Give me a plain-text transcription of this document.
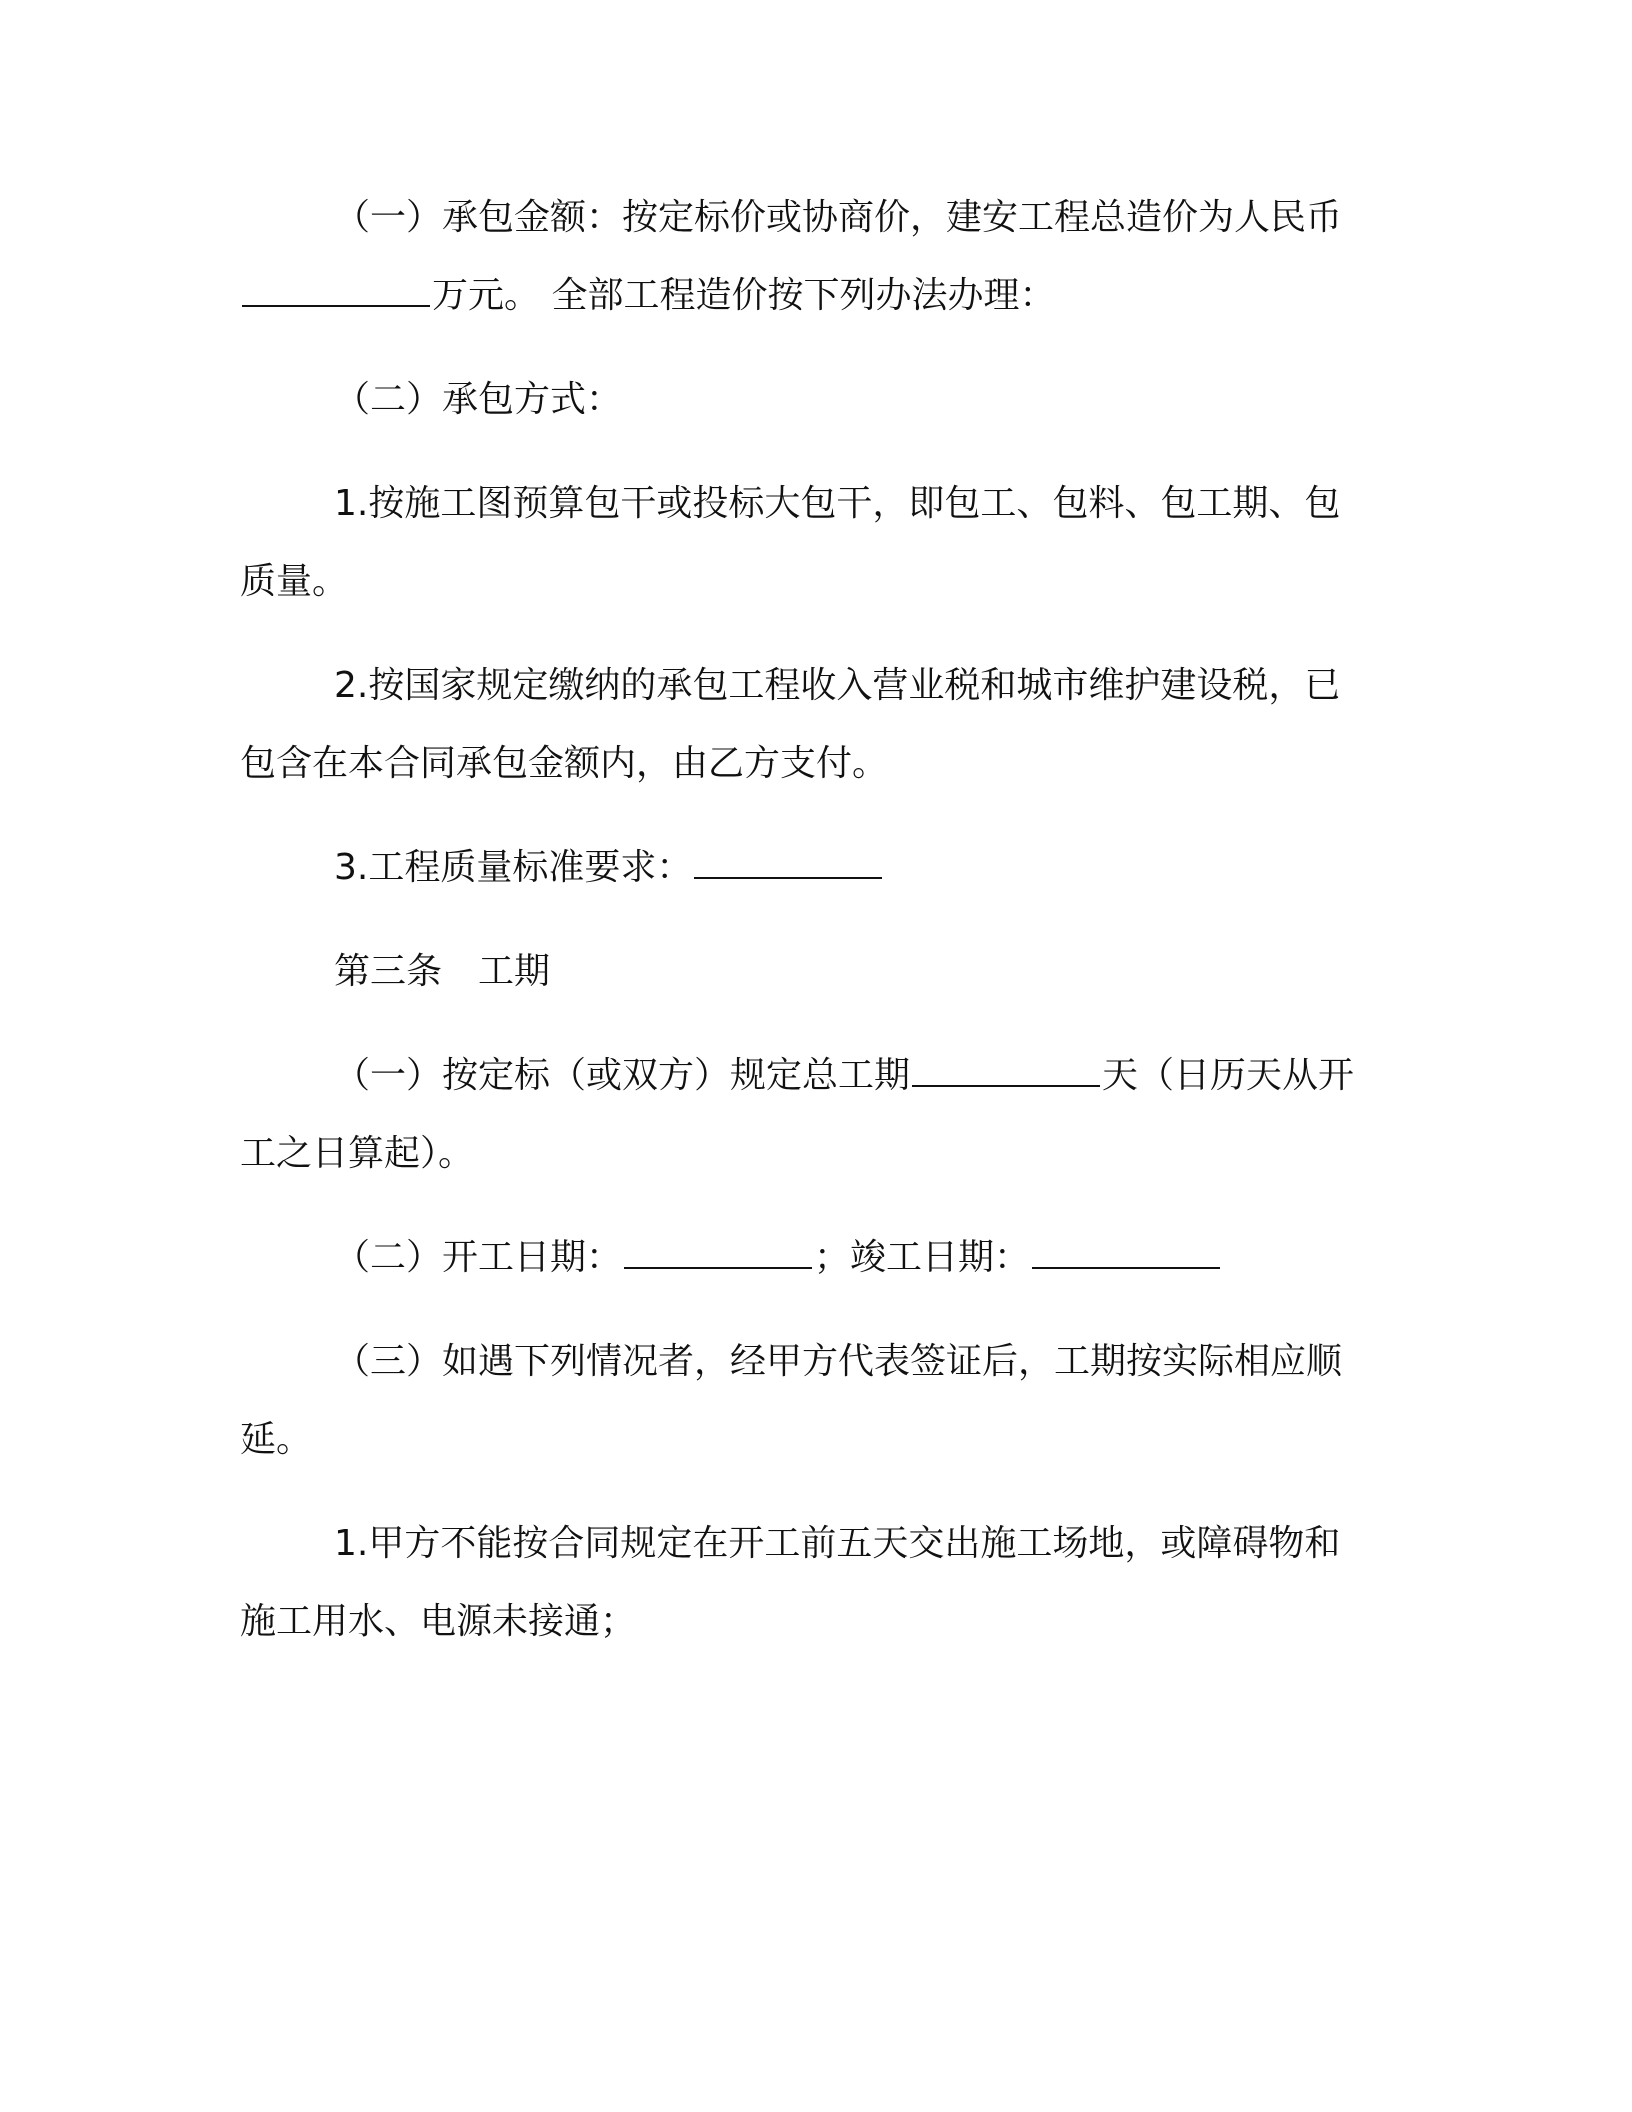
（一）承包金额：按定标价或协商价，建安工程总造价为人民币
万元。 全部工程造价按下列办法办理：
（二）承包方式：
1.按施工图预算包干或投标大包干，即包工、包料、包工期、包
质量。
2.按国家规定缴纳的承包工程收入营业税和城市维护建设税，已
包含在本合同承包金额内，由乙方支付。
3.工程质量标准要求：
第三条　工期
（一）按定标（或双方）规定总工期	天（日历天从开
工之日算起）。
（二）开工日期：	；竣工日期：
（三）如遇下列情况者，经甲方代表签证后，工期按实际相应顺
延。
1.甲方不能按合同规定在开工前五天交出施工场地，或障碍物和
施工用水、电源未接通；
